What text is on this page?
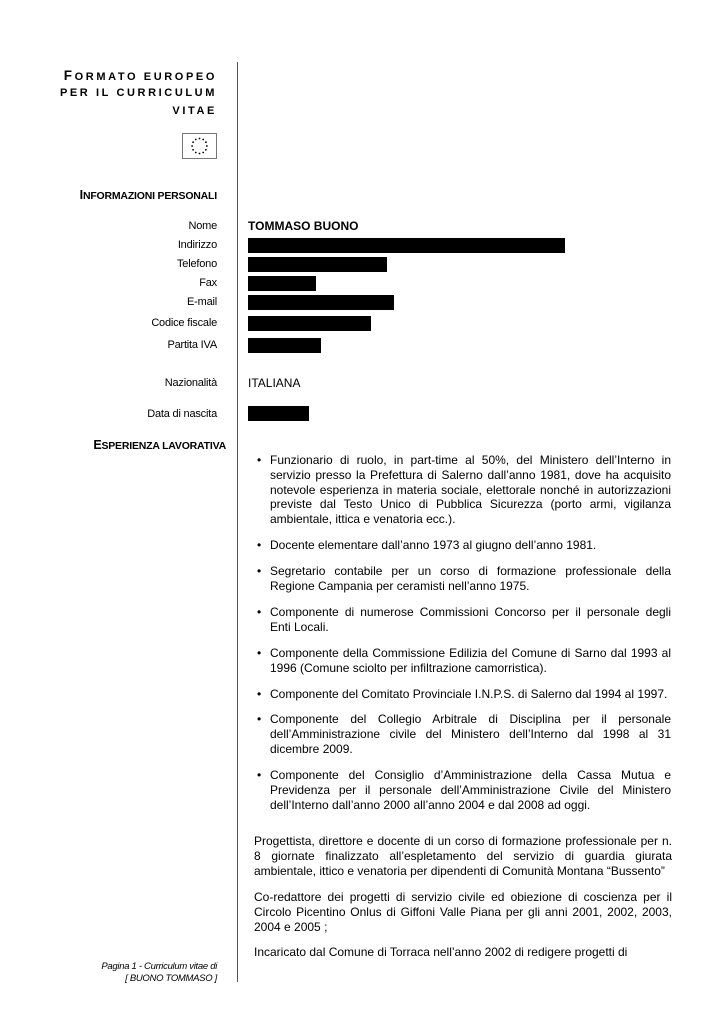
FORMATO EUROPEO
PER IL CURRICULUM
VITAE
INFORMAZIONI PERSONALI
Nome	TOMMASO BUONO
Indirizzo
Telefono
Fax
E-mail
Codice fiscale
Partita IVA
Nazionalità	ITALIANA
Data di nascita
ESPERIENZA LAVORATIVA
• Funzionario di ruolo, in part-time al 50%, del Ministero dell’Interno in servizio presso la Prefettura di Salerno dall’anno 1981, dove ha acquisito notevole esperienza in materia sociale, elettorale nonché in autorizzazioni previste dal Testo Unico di Pubblica Sicurezza (porto armi, vigilanza ambientale, ittica e venatoria ecc.).
• Docente elementare dall’anno 1973 al giugno dell’anno 1981.
• Segretario contabile per un corso di formazione professionale della Regione Campania per ceramisti nell’anno 1975.
• Componente di numerose Commissioni Concorso per il personale degli Enti Locali.
• Componente della Commissione Edilizia del Comune di Sarno dal 1993 al 1996 (Comune sciolto per infiltrazione camorristica).
• Componente del Comitato Provinciale I.N.P.S. di Salerno dal 1994 al 1997.
• Componente del Collegio Arbitrale di Disciplina per il personale dell’Amministrazione civile del Ministero dell’Interno dal 1998 al 31 dicembre 2009.
• Componente del Consiglio d’Amministrazione della Cassa Mutua e Previdenza per il personale dell’Amministrazione Civile del Ministero dell’Interno dall’anno 2000 all’anno 2004 e dal 2008 ad oggi.

Progettista, direttore e docente di un corso di formazione professionale per n. 8 giornate finalizzato all’espletamento del servizio di guardia giurata ambientale, ittico e venatoria per dipendenti di Comunità Montana “Bussento”

Co-redattore dei progetti di servizio civile ed obiezione di coscienza per il Circolo Picentino Onlus di Giffoni Valle Piana per gli anni 2001, 2002, 2003, 2004 e 2005 ;

Incaricato dal Comune di Torraca nell’anno 2002 di redigere progetti di

Pagina 1 - Curriculum vitae di
[ BUONO TOMMASO ]
